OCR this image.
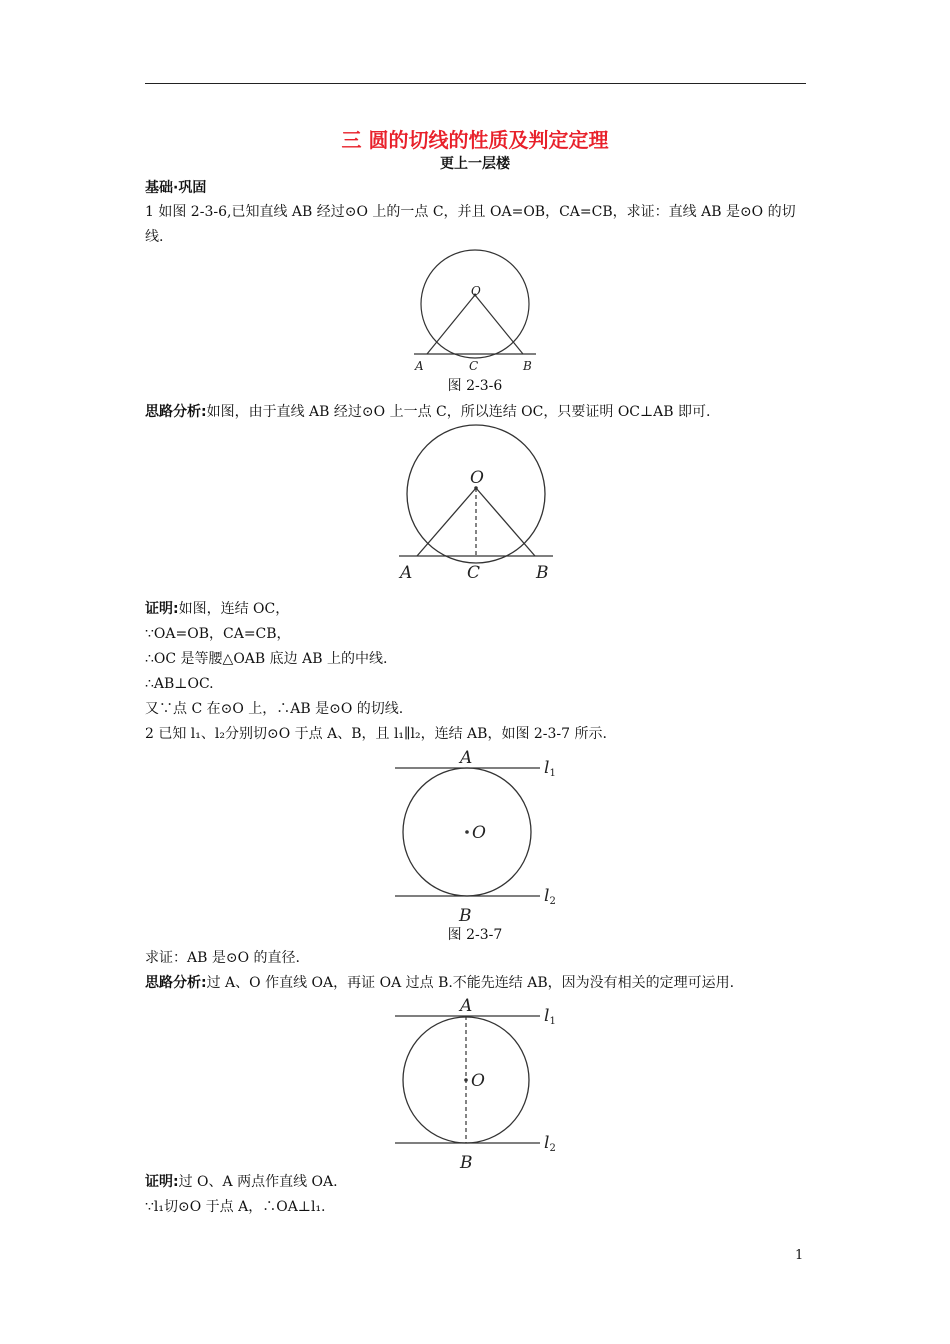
三 圆的切线的性质及判定定理
更上一层楼
基础·巩固
1 如图 2-3-6,已知直线 AB 经过⊙O 上的一点 C，并且 OA=OB，CA=CB，求证：直线 AB 是⊙O 的切
线.
O
A	C	B
图 2-3-6
思路分析:如图，由于直线 AB 经过⊙O 上一点 C，所以连结 OC，只要证明 OC⊥AB 即可.
O
A	C	B
证明:如图，连结 OC，
∵OA=OB，CA=CB，
∴OC 是等腰△OAB 底边 AB 上的中线.
∴AB⊥OC.
又∵点 C 在⊙O 上，∴AB 是⊙O 的切线.
2 已知 l₁、l₂分别切⊙O 于点 A、B，且 l₁∥l₂，连结 AB，如图 2-3-7 所示.
A
O
B
l1
l2
图 2-3-7
求证：AB 是⊙O 的直径.
思路分析:过 A、O 作直线 OA，再证 OA 过点 B.不能先连结 AB，因为没有相关的定理可运用.
A
O
B
l1
l2
证明:过 O、A 两点作直线 OA.
∵l₁切⊙O 于点 A，∴OA⊥l₁.
1
